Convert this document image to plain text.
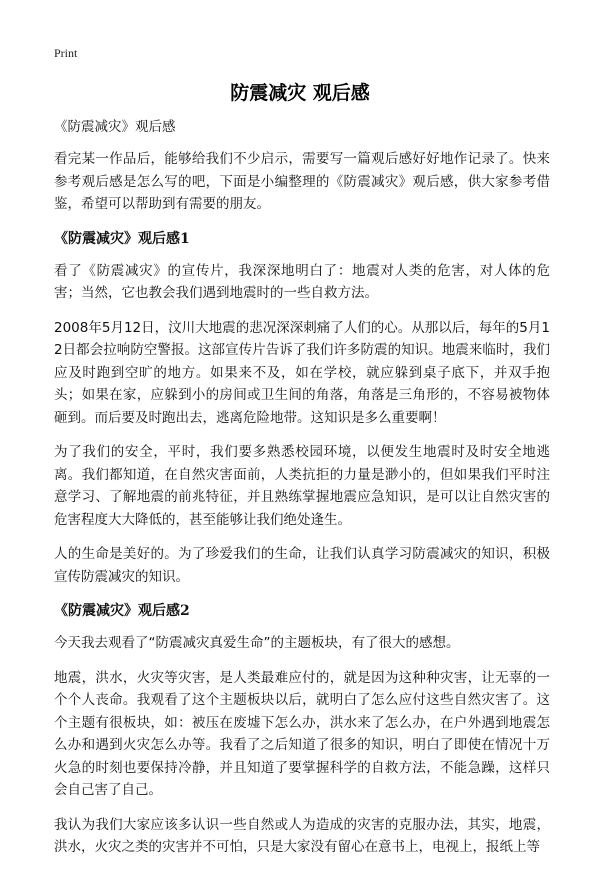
Print
防震减灾 观后感

《防震减灾》观后感

看完某一作品后，能够给我们不少启示，需要写一篇观后感好好地作记录了。快来参考观后感是怎么写的吧，下面是小编整理的《防震减灾》观后感，供大家参考借鉴，希望可以帮助到有需要的朋友。

《防震减灾》观后感1

看了《防震减灾》的宣传片，我深深地明白了：地震对人类的危害，对人体的危害；当然，它也教会我们遇到地震时的一些自救方法。

2008年5月12日，汶川大地震的悲况深深刺痛了人们的心。从那以后，每年的5月12日都会拉响防空警报。这部宣传片告诉了我们许多防震的知识。地震来临时，我们应及时跑到空旷的地方。如果来不及，如在学校，就应躲到桌子底下，并双手抱头；如果在家，应躲到小的房间或卫生间的角落，角落是三角形的，不容易被物体砸到。而后要及时跑出去，逃离危险地带。这知识是多么重要啊！

为了我们的安全，平时，我们要多熟悉校园环境，以便发生地震时及时安全地逃离。我们都知道，在自然灾害面前，人类抗拒的力量是渺小的，但如果我们平时注意学习、了解地震的前兆特征，并且熟练掌握地震应急知识，是可以让自然灾害的危害程度大大降低的，甚至能够让我们绝处逢生。

人的生命是美好的。为了珍爱我们的生命，让我们认真学习防震减灾的知识，积极宣传防震减灾的知识。

《防震减灾》观后感2

今天我去观看了“防震减灾真爱生命”的主题板块，有了很大的感想。

地震，洪水，火灾等灾害，是人类最难应付的，就是因为这种种灾害，让无辜的一个个人丧命。我观看了这个主题板块以后，就明白了怎么应付这些自然灾害了。这个主题有很板块，如：被压在废墟下怎么办，洪水来了怎么办，在户外遇到地震怎么办和遇到火灾怎么办等。我看了之后知道了很多的知识，明白了即使在情况十万火急的时刻也要保持冷静，并且知道了要掌握科学的自救方法，不能急躁，这样只会自己害了自己。

我认为我们大家应该多认识一些自然或人为造成的灾害的克服办法，其实，地震，洪水，火灾之类的灾害并不可怕，只是大家没有留心在意书上，电视上，报纸上等
